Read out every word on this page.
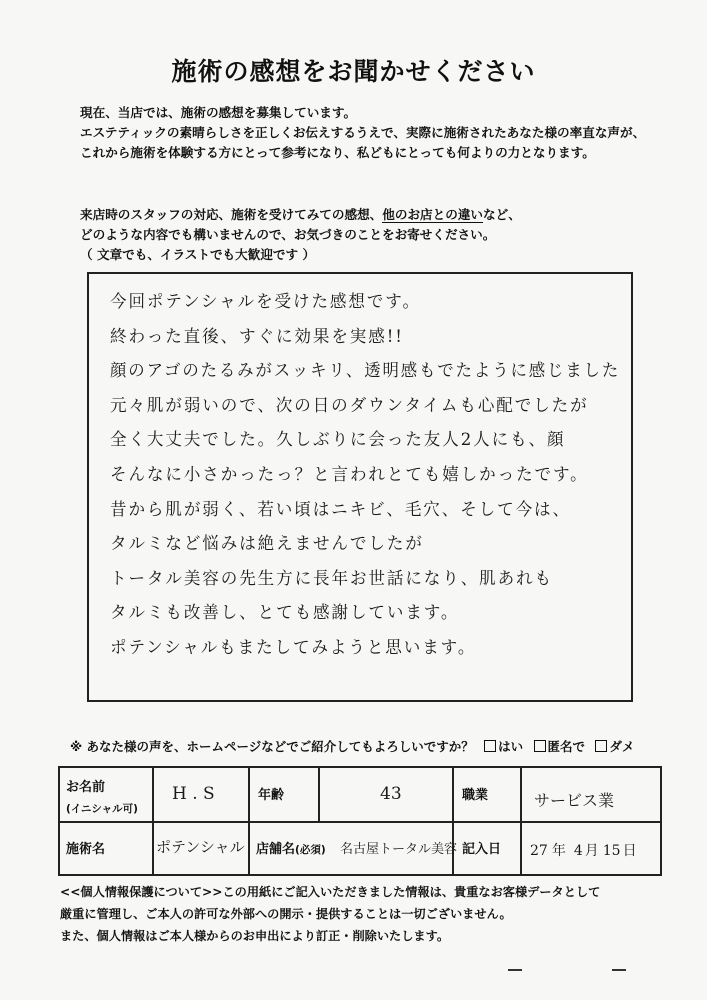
施術の感想をお聞かせください

現在、当店では、施術の感想を募集しています。

エステティックの素晴らしさを正しくお伝えするうえで、実際に施術されたあなた様の率直な声が、

これから施術を体験する方にとって参考になり、私どもにとっても何よりの力となります。

来店時のスタッフの対応、施術を受けてみての感想、他のお店との違いなど、

どのような内容でも構いませんので、お気づきのことをお寄せください。

（ 文章でも、イラストでも大歓迎です ）

今回ポテンシャルを受けた感想です。
終わった直後、すぐに効果を実感!!
顔のアゴのたるみがスッキリ、透明感もでたように感じました
元々肌が弱いので、次の日のダウンタイムも心配でしたが
全く大丈夫でした。久しぶりに会った友人2人にも、顔
そんなに小さかったっ？と言われとても嬉しかったです。
昔から肌が弱く、若い頃はニキビ、毛穴、そして今は、
タルミなど悩みは絶えませんでしたが
トータル美容の先生方に長年お世話になり、肌あれも
タルミも改善し、とても感謝しています。
ポテンシャルもまたしてみようと思います。
※ あなた様の声を、ホームページなどでご紹介してもよろしいですか？ はい 匿名で ダメ
お名前
(イニシャル可)
H . S	年齢	43	職業	サービス業
施術名	ポテンシャル 店舗名(必須) 名古屋トータル美容 記入日 27 年 4 月 15 日

<<個人情報保護について>>この用紙にご記入いただきました情報は、貴重なお客様データとして

厳重に管理し、ご本人の許可な外部への開示・提供することは一切ございません。

また、個人情報はご本人様からのお申出により訂正・削除いたします。
